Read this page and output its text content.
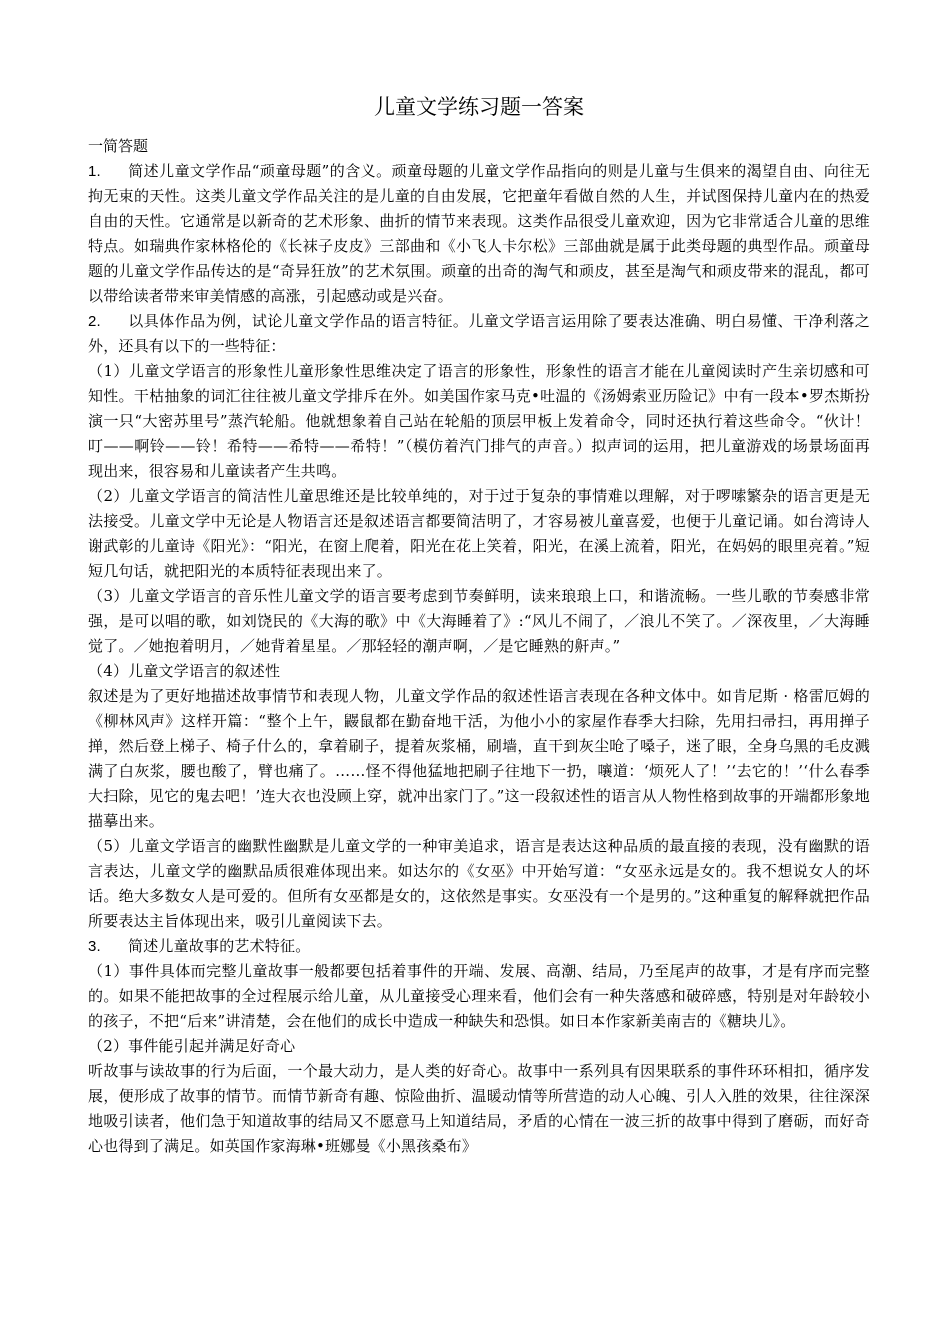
儿童文学练习题一答案

一简答题

1. 简述儿童文学作品“顽童母题”的含义。顽童母题的儿童文学作品指向的则是儿童与生俱来的渴望自由、向往无拘无束的天性。这类儿童文学作品关注的是儿童的自由发展，它把童年看做自然的人生，并试图保持儿童内在的热爱自由的天性。它通常是以新奇的艺术形象、曲折的情节来表现。这类作品很受儿童欢迎，因为它非常适合儿童的思维特点。如瑞典作家林格伦的《长袜子皮皮》三部曲和《小飞人卡尔松》三部曲就是属于此类母题的典型作品。顽童母题的儿童文学作品传达的是“奇异狂放”的艺术氛围。顽童的出奇的淘气和顽皮，甚至是淘气和顽皮带来的混乱，都可以带给读者带来审美情感的高涨，引起感动或是兴奋。

2. 以具体作品为例，试论儿童文学作品的语言特征。儿童文学语言运用除了要表达准确、明白易懂、干净利落之外，还具有以下的一些特征：

（1）儿童文学语言的形象性儿童形象性思维决定了语言的形象性，形象性的语言才能在儿童阅读时产生亲切感和可知性。干枯抽象的词汇往往被儿童文学排斥在外。如美国作家马克•吐温的《汤姆索亚历险记》中有一段本•罗杰斯扮演一只“大密苏里号”蒸汽轮船。他就想象着自己站在轮船的顶层甲板上发着命令，同时还执行着这些命令。“伙计！叮——啊铃——铃！希特——希特——希特！”（模仿着汽门排气的声音。）拟声词的运用，把儿童游戏的场景场面再现出来，很容易和儿童读者产生共鸣。

（2）儿童文学语言的简洁性儿童思维还是比较单纯的，对于过于复杂的事情难以理解，对于啰嗦繁杂的语言更是无法接受。儿童文学中无论是人物语言还是叙述语言都要简洁明了，才容易被儿童喜爱，也便于儿童记诵。如台湾诗人谢武彰的儿童诗《阳光》：“阳光，在窗上爬着，阳光在花上笑着，阳光，在溪上流着，阳光，在妈妈的眼里亮着。”短短几句话，就把阳光的本质特征表现出来了。

（3）儿童文学语言的音乐性儿童文学的语言要考虑到节奏鲜明，读来琅琅上口，和谐流畅。一些儿歌的节奏感非常强，是可以唱的歌，如刘饶民的《大海的歌》中《大海睡着了》:“风儿不闹了，／浪儿不笑了。／深夜里，／大海睡觉了。／她抱着明月，／她背着星星。／那轻轻的潮声啊，／是它睡熟的鼾声。”

（4）儿童文学语言的叙述性

叙述是为了更好地描述故事情节和表现人物，儿童文学作品的叙述性语言表现在各种文体中。如肯尼斯 · 格雷厄姆的《柳林风声》这样开篇：“整个上午，鼹鼠都在勤奋地干活，为他小小的家屋作春季大扫除，先用扫帚扫，再用掸子掸，然后登上梯子、椅子什么的，拿着刷子，提着灰浆桶，刷墙，直干到灰尘呛了嗓子，迷了眼，全身乌黑的毛皮溅满了白灰浆，腰也酸了，臂也痛了。……怪不得他猛地把刷子往地下一扔，嚷道：‘烦死人了！’‘去它的！’‘什么春季大扫除，见它的鬼去吧！’连大衣也没顾上穿，就冲出家门了。”这一段叙述性的语言从人物性格到故事的开端都形象地描摹出来。

（5）儿童文学语言的幽默性幽默是儿童文学的一种审美追求，语言是表达这种品质的最直接的表现，没有幽默的语言表达，儿童文学的幽默品质很难体现出来。如达尔的《女巫》中开始写道：“女巫永远是女的。我不想说女人的坏话。绝大多数女人是可爱的。但所有女巫都是女的，这依然是事实。女巫没有一个是男的。”这种重复的解释就把作品所要表达主旨体现出来，吸引儿童阅读下去。

3. 简述儿童故事的艺术特征。

（1）事件具体而完整儿童故事一般都要包括着事件的开端、发展、高潮、结局，乃至尾声的故事，才是有序而完整的。如果不能把故事的全过程展示给儿童，从儿童接受心理来看，他们会有一种失落感和破碎感，特别是对年龄较小的孩子，不把“后来”讲清楚，会在他们的成长中造成一种缺失和恐惧。如日本作家新美南吉的《糖块儿》。

（2）事件能引起并满足好奇心

听故事与读故事的行为后面，一个最大动力，是人类的好奇心。故事中一系列具有因果联系的事件环环相扣，循序发展，便形成了故事的情节。而情节新奇有趣、惊险曲折、温暖动情等所营造的动人心魄、引人入胜的效果，往往深深地吸引读者，他们急于知道故事的结局又不愿意马上知道结局，矛盾的心情在一波三折的故事中得到了磨砺，而好奇心也得到了满足。如英国作家海琳•班娜曼《小黑孩桑布》
